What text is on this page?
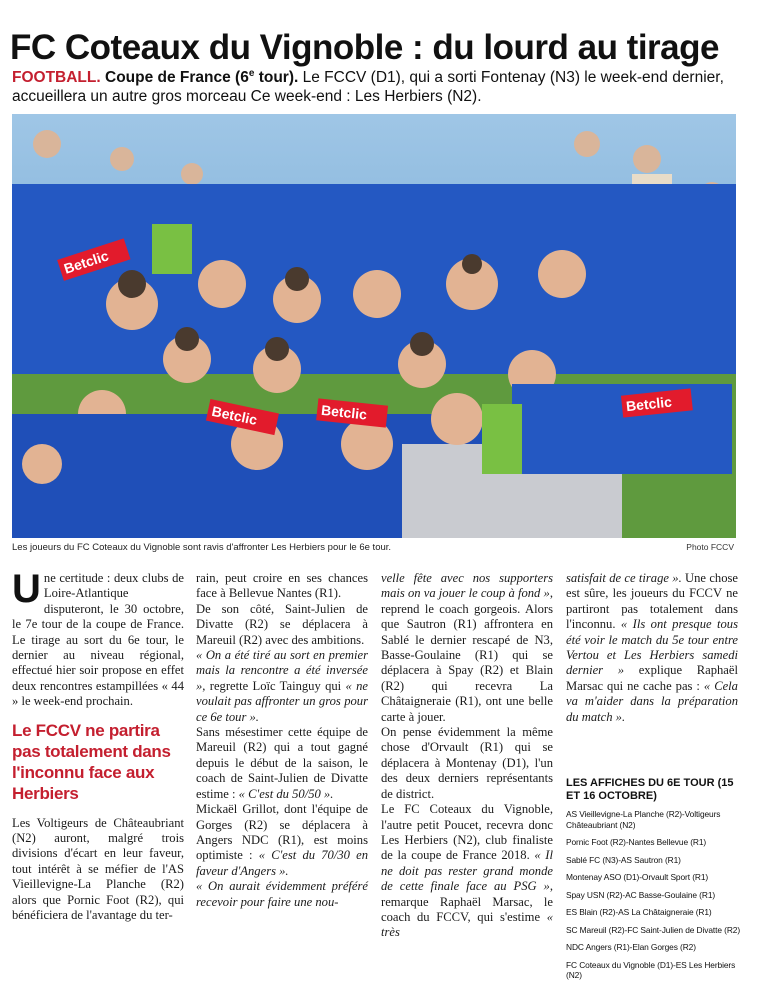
FC Coteaux du Vignoble : du lourd au tirage
FOOTBALL. Coupe de France (6e tour). Le FCCV (D1), qui a sorti Fontenay (N3) le week-end dernier, accueillera un autre gros morceau Ce week-end : Les Herbiers (N2).
Betclic
Betclic	Betclic	Betclic
Les joueurs du FC Coteaux du Vignoble sont ravis d'affronter Les Herbiers pour le 6e tour.	Photo FCCV

Une certitude : deux clubs de Loire-Atlantique disputeront, le 30 octobre, le 7e tour de la coupe de France. Le tirage au sort du 6e tour, le dernier au niveau régional, effectué hier soir propose en effet deux rencontres estampillées « 44 » le week-end prochain.

Le FCCV ne partira pas totalement dans l'inconnu face aux Herbiers

Les Voltigeurs de Châteaubriant (N2) auront, malgré trois divisions d'écart en leur faveur, tout intérêt à se méfier de l'AS Vieillevigne-La Planche (R2) alors que Pornic Foot (R2), qui bénéficiera de l'avantage du ter-

rain, peut croire en ses chances face à Bellevue Nantes (R1).

De son côté, Saint-Julien de Divatte (R2) se déplacera à Mareuil (R2) avec des ambitions.

« On a été tiré au sort en premier mais la rencontre a été inversée », regrette Loïc Tainguy qui « ne voulait pas affronter un gros pour ce 6e tour ».

Sans mésestimer cette équipe de Mareuil (R2) qui a tout gagné depuis le début de la saison, le coach de Saint-Julien de Divatte estime : « C'est du 50/50 ».

Mickaël Grillot, dont l'équipe de Gorges (R2) se déplacera à Angers NDC (R1), est moins optimiste : « C'est du 70/30 en faveur d'Angers ».

« On aurait évidemment préféré recevoir pour faire une nou-

velle fête avec nos supporters mais on va jouer le coup à fond », reprend le coach gorgeois. Alors que Sautron (R1) affrontera en Sablé le dernier rescapé de N3, Basse-Goulaine (R1) qui se déplacera à Spay (R2) et Blain (R2) qui recevra La Châtaigneraie (R1), ont une belle carte à jouer.

On pense évidemment la même chose d'Orvault (R1) qui se déplacera à Montenay (D1), l'un des deux derniers représentants de district.

Le FC Coteaux du Vignoble, l'autre petit Poucet, recevra donc Les Herbiers (N2), club finaliste de la coupe de France 2018. « Il ne doit pas rester grand monde de cette finale face au PSG », remarque Raphaël Marsac, le coach du FCCV, qui s'estime « très

satisfait de ce tirage ». Une chose est sûre, les joueurs du FCCV ne partiront pas totalement dans l'inconnu. « Ils ont presque tous été voir le match du 5e tour entre Vertou et Les Herbiers samedi dernier » explique Raphaël Marsac qui ne cache pas : « Cela va m'aider dans la préparation du match ».

LES AFFICHES DU 6E TOUR (15 ET 16 OCTOBRE)
AS Vieillevigne-La Planche (R2)-Voltigeurs Châteaubriant (N2)
Pornic Foot (R2)-Nantes Bellevue (R1)
Sablé FC (N3)-AS Sautron (R1)
Montenay ASO (D1)-Orvault Sport (R1)
Spay USN (R2)-AC Basse-Goulaine (R1)
ES Blain (R2)-AS La Châtaigneraie (R1)
SC Mareuil (R2)-FC Saint-Julien de Divatte (R2)
NDC Angers (R1)-Elan Gorges (R2)
FC Coteaux du Vignoble (D1)-ES Les Herbiers (N2)
